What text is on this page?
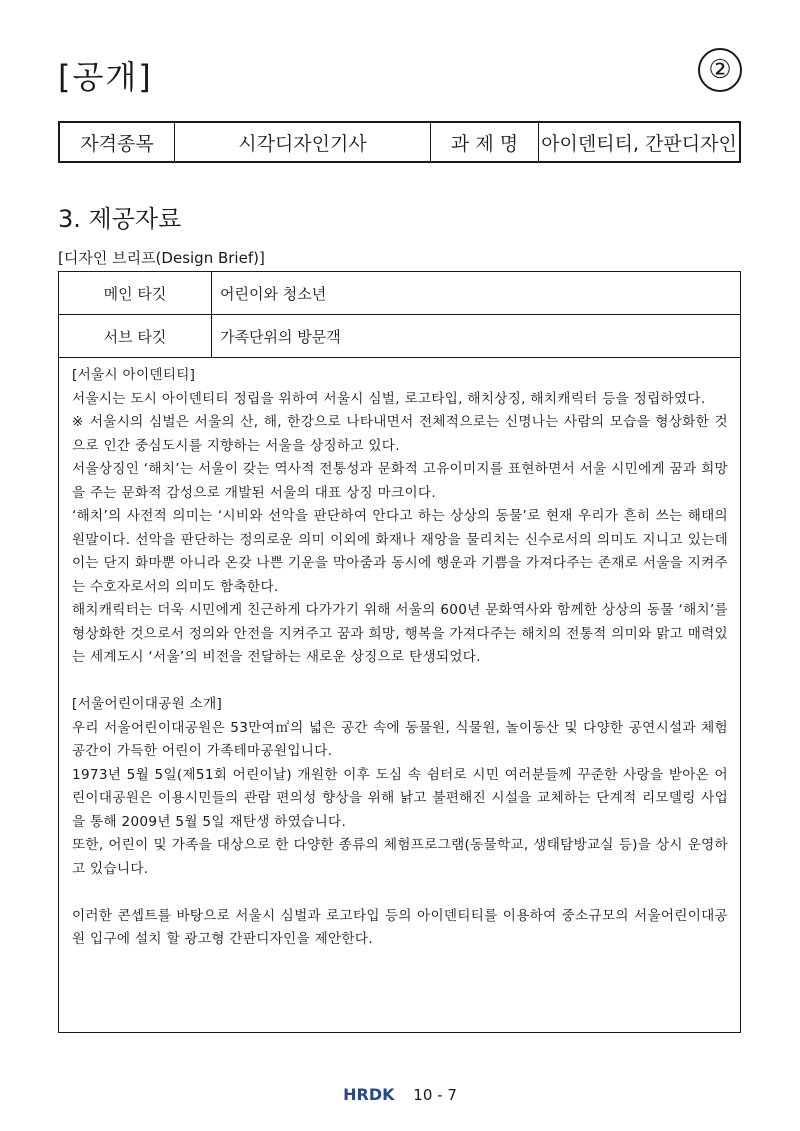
[공개]	②
자격종목	시각디자인기사	과 제 명	아이덴티티, 간판디자인
3. 제공자료
[디자인 브리프(Design Brief)]
메인 타깃	어린이와 청소년
서브 타깃	가족단위의 방문객

[서울시 아이덴티티]

서울시는 도시 아이덴티티 정립을 위하여 서울시 심벌, 로고타입, 해치상징, 해치캐릭터 등을 정립하였다.

※ 서울시의 심벌은 서울의 산, 해, 한강으로 나타내면서 전체적으로는 신명나는 사람의 모습을 형상화한 것으로 인간 중심도시를 지향하는 서울을 상징하고 있다.

서울상징인 ‘해치’는 서울이 갖는 역사적 전통성과 문화적 고유이미지를 표현하면서 서울 시민에게 꿈과 희망을 주는 문화적 감성으로 개발된 서울의 대표 상징 마크이다.

‘해치’의 사전적 의미는 ‘시비와 선악을 판단하여 안다고 하는 상상의 동물’로 현재 우리가 흔히 쓰는 해태의 원말이다. 선악을 판단하는 정의로운 의미 이외에 화재나 재앙을 물리치는 신수로서의 의미도 지니고 있는데 이는 단지 화마뿐 아니라 온갖 나쁜 기운을 막아줌과 동시에 행운과 기쁨을 가져다주는 존재로 서울을 지켜주는 수호자로서의 의미도 함축한다.

해치캐릭터는 더욱 시민에게 친근하게 다가가기 위해 서울의 600년 문화역사와 함께한 상상의 동물 ‘해치’를 형상화한 것으로서 정의와 안전을 지켜주고 꿈과 희망, 행복을 가져다주는 해치의 전통적 의미와 맑고 매력있는 세계도시 ‘서울’의 비전을 전달하는 새로운 상징으로 탄생되었다.

[서울어린이대공원 소개]

우리 서울어린이대공원은 53만여㎡의 넓은 공간 속에 동물원, 식물원, 놀이동산 및 다양한 공연시설과 체험공간이 가득한 어린이 가족테마공원입니다.

1973년 5월 5일(제51회 어린이날) 개원한 이후 도심 속 쉼터로 시민 여러분들께 꾸준한 사랑을 받아온 어린이대공원은 이용시민들의 관람 편의성 향상을 위해 낡고 불편해진 시설을 교체하는 단계적 리모델링 사업을 통해 2009년 5월 5일 재탄생 하였습니다.

또한, 어린이 및 가족을 대상으로 한 다양한 종류의 체험프로그램(동물학교, 생태탐방교실 등)을 상시 운영하고 있습니다.

이러한 콘셉트를 바탕으로 서울시 심벌과 로고타입 등의 아이덴티티를 이용하여 중소규모의 서울어린이대공원 입구에 설치 할 광고형 간판디자인을 제안한다.

HRDK 10 - 7
